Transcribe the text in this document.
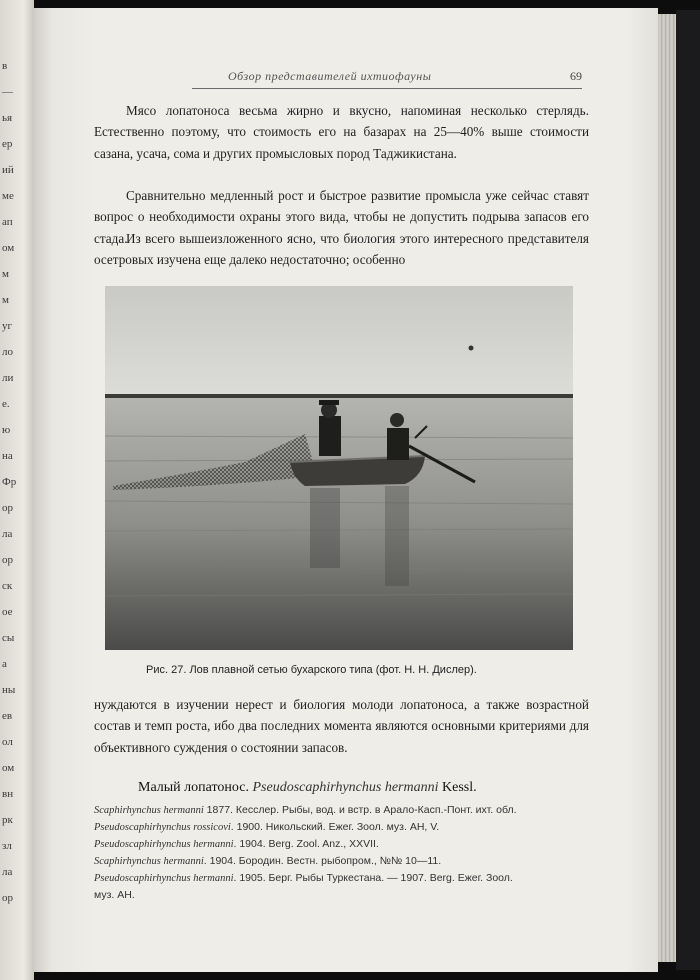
в
—
ья
ер
ий
ме
ап
ом
м
м
уг
ло
ли
е.
ю
на
Фр
ор
ла
ор
ск
ое
сы
а
ны
ев
ол
ом
вн
рк
зл
ла
ор
Обзор представителей ихтиофауны	69
Мясо лопатоноса весьма жирно и вкусно, напоминая несколько стерлядь. Естественно поэтому, что стоимость его на базарах на 25—40% выше стоимости сазана, усача, сома и других промысловых пород Таджикистана.
Сравнительно медленный рост и быстрое развитие промысла уже сейчас ставят вопрос о необходимости охраны этого вида, чтобы не допустить подрыва запасов его стада.
Из всего вышеизложенного ясно, что биология этого интересного представителя осетровых изучена еще далеко недостаточно; особенно
Рис. 27. Лов плавной сетью бухарского типа (фот. Н. Н. Дислер).
нуждаются в изучении нерест и биология молоди лопатоноса, а также возрастной состав и темп роста, ибо два последних момента являются основными критериями для объективного суждения о состоянии запасов.
Малый лопатонос. Pseudoscaphirhynchus hermanni Kessl.
Scaphirhynchus hermanni 1877. Кесслер. Рыбы, вод. и встр. в Арало-Касп.-Понт. ихт. обл.
Pseudoscaphirhynchus rossicovi. 1900. Никольский. Ежег. Зоол. муз. АН, V.
Pseudoscaphirhynchus hermanni. 1904. Berg. Zool. Anz., XXVII.
Scaphirhynchus hermanni. 1904. Бородин. Вестн. рыбопром., №№ 10—11.
Pseudoscaphirhynchus hermanni. 1905. Берг. Рыбы Туркестана. — 1907. Berg. Ежег. Зоол.
муз. АН.
